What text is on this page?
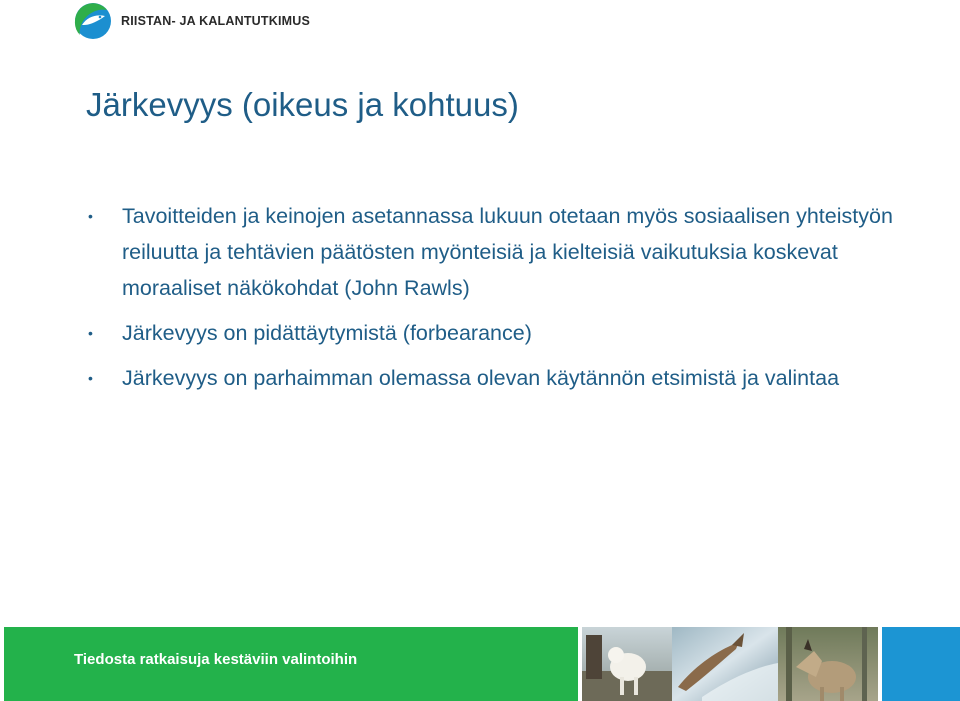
RIISTAN- JA KALANTUTKIMUS
Järkevyys (oikeus ja kohtuus)
• Tavoitteiden ja keinojen asetannassa lukuun otetaan myös sosiaalisen yhteistyön reiluutta ja tehtävien päätösten myönteisiä ja kielteisiä vaikutuksia koskevat moraaliset näkökohdat (John Rawls)
• Järkevyys on pidättäytymistä (forbearance)
• Järkevyys on parhaimman olemassa olevan käytännön etsimistä ja valintaa
Tiedosta ratkaisuja kestäviin valintoihin
